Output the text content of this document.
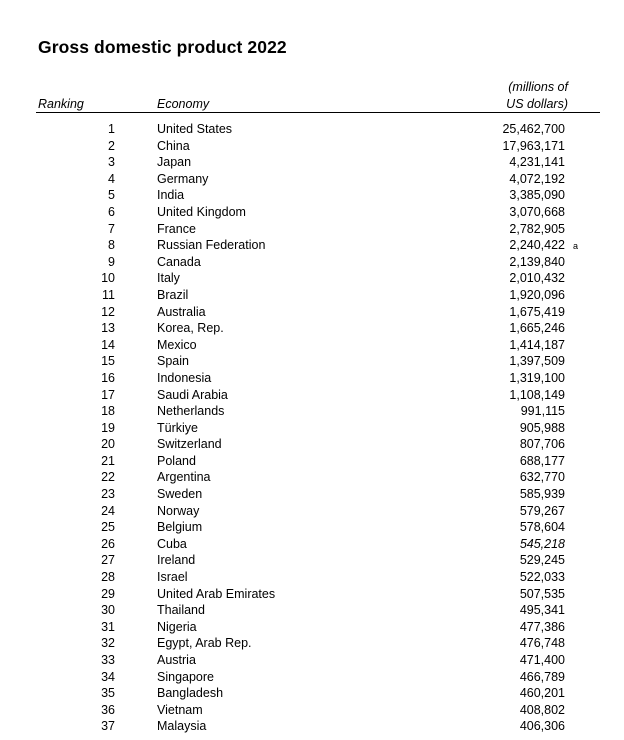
Gross domestic product 2022
Ranking	Economy
(millions of
US dollars)
1	United States	25,462,700
2	China	17,963,171
3	Japan	4,231,141
4	Germany	4,072,192
5	India	3,385,090
6	United Kingdom	3,070,668
7	France	2,782,905
8	Russian Federation	2,240,422 a
9	Canada	2,139,840
10	Italy	2,010,432
11	Brazil	1,920,096
12	Australia	1,675,419
13	Korea, Rep.	1,665,246
14	Mexico	1,414,187
15	Spain	1,397,509
16	Indonesia	1,319,100
17	Saudi Arabia	1,108,149
18	Netherlands	991,115
19	Türkiye	905,988
20	Switzerland	807,706
21	Poland	688,177
22	Argentina	632,770
23	Sweden	585,939
24	Norway	579,267
25	Belgium	578,604
26	Cuba	545,218
27	Ireland	529,245
28	Israel	522,033
29	United Arab Emirates	507,535
30	Thailand	495,341
31	Nigeria	477,386
32	Egypt, Arab Rep.	476,748
33	Austria	471,400
34	Singapore	466,789
35	Bangladesh	460,201
36	Vietnam	408,802
37	Malaysia	406,306
